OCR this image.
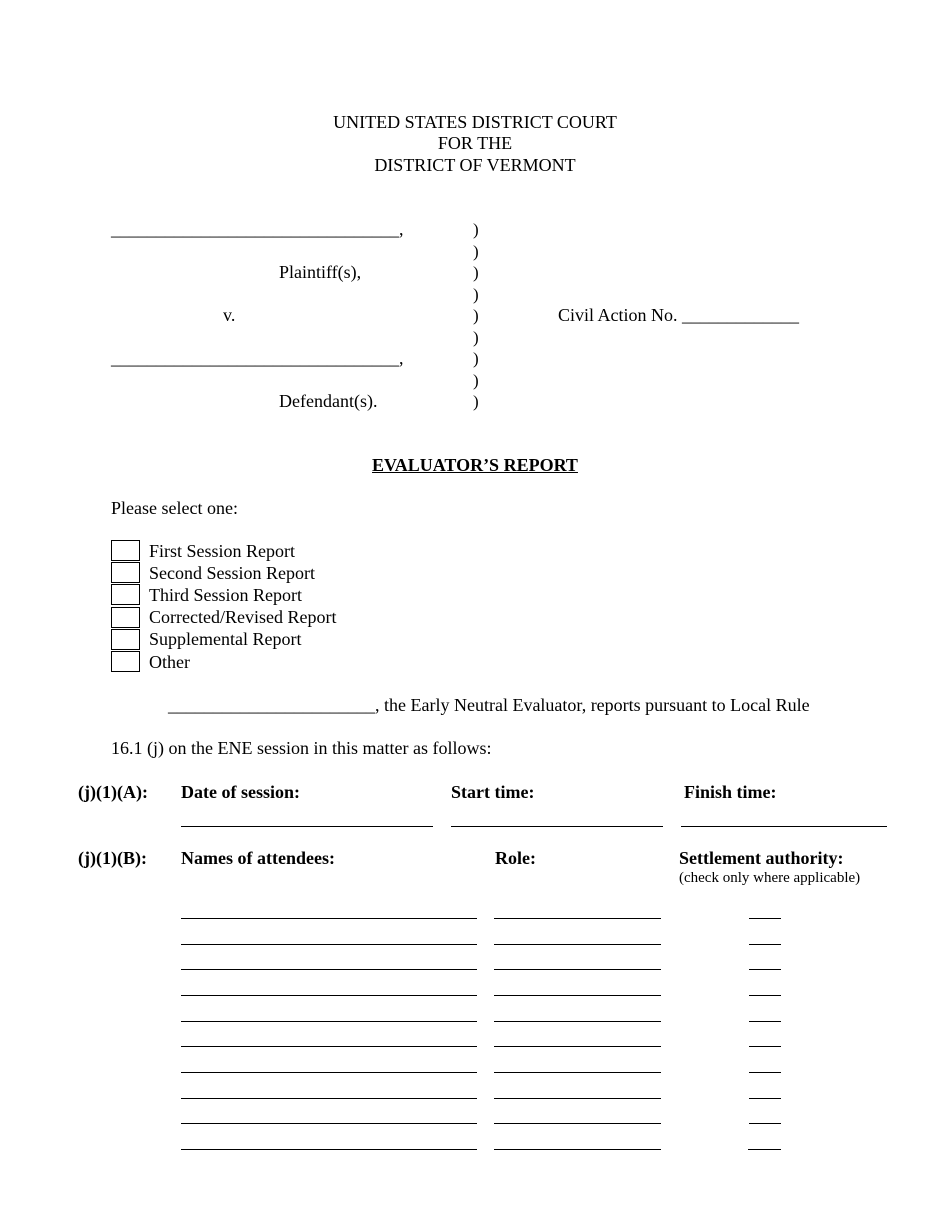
UNITED STATES DISTRICT COURT
FOR THE
DISTRICT OF VERMONT
________________________________,
Plaintiff(s),
v.
________________________________,
Defendant(s).
)
)
)
)
)
)
)
)
)
Civil Action No. _____________
EVALUATOR’S REPORT
Please select one:
First Session Report
Second Session Report
Third Session Report
Corrected/Revised Report
Supplemental Report
Other
_______________________, the Early Neutral Evaluator, reports pursuant to Local Rule
16.1 (j) on the ENE session in this matter as follows:
(j)(1)(A): Date of session:	Start time:	Finish time:
(j)(1)(B): Names of attendees:	Role:	Settlement authority:
(check only where applicable)
